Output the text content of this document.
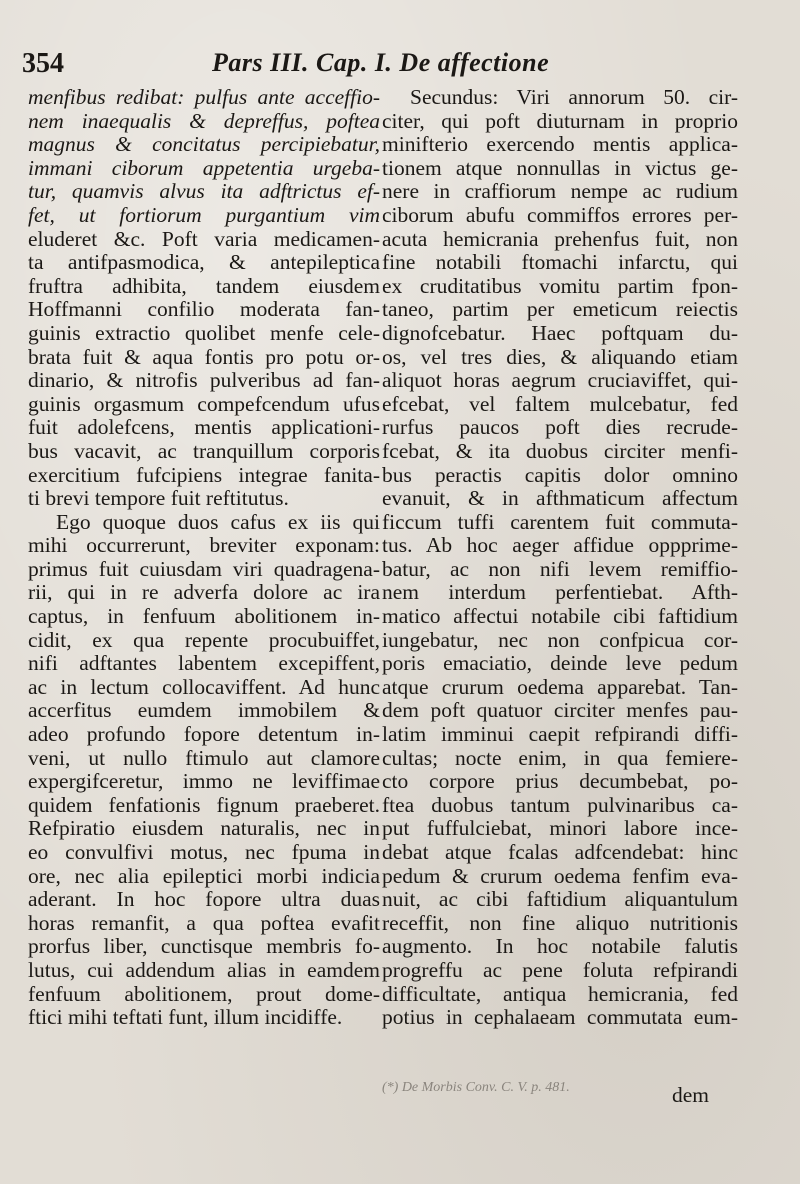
354	Pars III. Cap. I. De affectione
menfibus redibat: pulfus ante acceffio-
nem inaequalis & depreffus, poftea
magnus & concitatus percipiebatur,
immani ciborum appetentia urgeba-
tur, quamvis alvus ita adftrictus ef-
fet, ut fortiorum purgantium vim
eluderet &c. Poft varia medicamen-
ta antifpasmodica, & antepileptica
fruftra adhibita, tandem eiusdem
Hoffmanni confilio moderata fan-
guinis extractio quolibet menfe cele-
brata fuit & aqua fontis pro potu or-
dinario, & nitrofis pulveribus ad fan-
guinis orgasmum compefcendum ufus
fuit adolefcens, mentis applicationi-
bus vacavit, ac tranquillum corporis
exercitium fufcipiens integrae fanita-
ti brevi tempore fuit reftitutus.
Ego quoque duos cafus ex iis qui
mihi occurrerunt, breviter exponam:
primus fuit cuiusdam viri quadragena-
rii, qui in re adverfa dolore ac ira
captus, in fenfuum abolitionem in-
cidit, ex qua repente procubuiffet,
nifi adftantes labentem excepiffent,
ac in lectum collocaviffent. Ad hunc
accerfitus eumdem immobilem &
adeo profundo fopore detentum in-
veni, ut nullo ftimulo aut clamore
expergifceretur, immo ne leviffimae
quidem fenfationis fignum praeberet.
Refpiratio eiusdem naturalis, nec in
eo convulfivi motus, nec fpuma in
ore, nec alia epileptici morbi indicia
aderant. In hoc fopore ultra duas
horas remanfit, a qua poftea evafit
prorfus liber, cunctisque membris fo-
lutus, cui addendum alias in eamdem
fenfuum abolitionem, prout dome-
ftici mihi teftati funt, illum incidiffe.
Secundus: Viri annorum 50. cir-
citer, qui poft diuturnam in proprio
minifterio exercendo mentis applica-
tionem atque nonnullas in victus ge-
nere in craffiorum nempe ac rudium
ciborum abufu commiffos errores per-
acuta hemicrania prehenfus fuit, non
fine notabili ftomachi infarctu, qui
ex cruditatibus vomitu partim fpon-
taneo, partim per emeticum reiectis
dignofcebatur. Haec poftquam du-
os, vel tres dies, & aliquando etiam
aliquot horas aegrum cruciaviffet, qui-
efcebat, vel faltem mulcebatur, fed
rurfus paucos poft dies recrude-
fcebat, & ita duobus circiter menfi-
bus peractis capitis dolor omnino
evanuit, & in afthmaticum affectum
ficcum tuffi carentem fuit commuta-
tus. Ab hoc aeger affidue oppprime-
batur, ac non nifi levem remiffio-
nem interdum perfentiebat. Afth-
matico affectui notabile cibi faftidium
iungebatur, nec non confpicua cor-
poris emaciatio, deinde leve pedum
atque crurum oedema apparebat. Tan-
dem poft quatuor circiter menfes pau-
latim imminui caepit refpirandi diffi-
cultas; nocte enim, in qua femiere-
cto corpore prius decumbebat, po-
ftea duobus tantum pulvinaribus ca-
put fuffulciebat, minori labore ince-
debat atque fcalas adfcendebat: hinc
pedum & crurum oedema fenfim eva-
nuit, ac cibi faftidium aliquantulum
receffit, non fine aliquo nutritionis
augmento. In hoc notabile falutis
progreffu ac pene foluta refpirandi
difficultate, antiqua hemicrania, fed
potius in cephalaeam commutata eum-
(*) De Morbis Conv. C. V. p. 481.	dem
